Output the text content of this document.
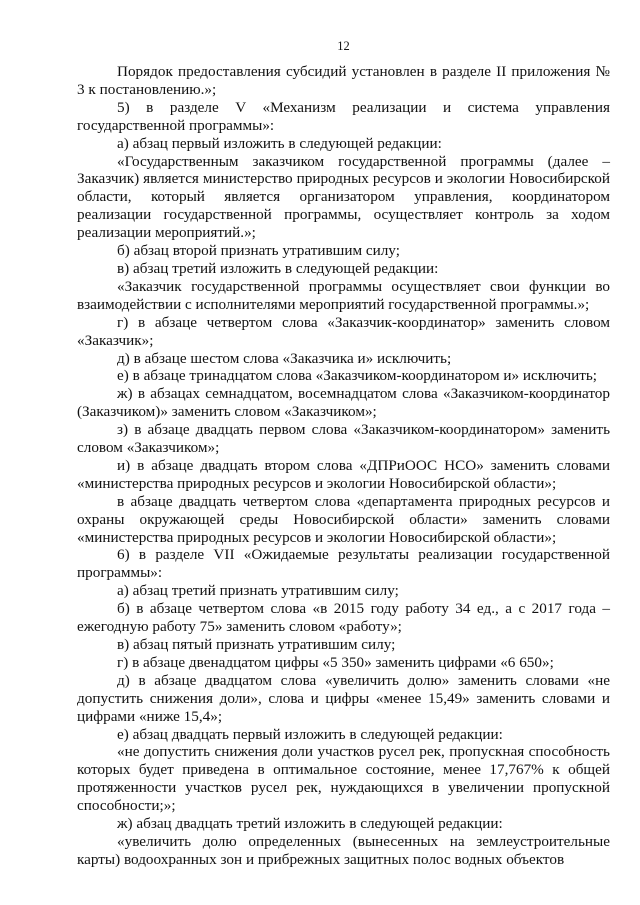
12

Порядок предоставления субсидий установлен в разделе II приложения № 3 к постановлению.»;

5) в разделе V «Механизм реализации и система управления государственной программы»:

а) абзац первый изложить в следующей редакции:

«Государственным заказчиком государственной программы (далее – Заказчик) является министерство природных ресурсов и экологии Новосибирской области, который является организатором управления, координатором реализации государственной программы, осуществляет контроль за ходом реализации мероприятий.»;

б) абзац второй признать утратившим силу;

в) абзац третий изложить в следующей редакции:

«Заказчик государственной программы осуществляет свои функции во взаимодействии с исполнителями мероприятий государственной программы.»;

г) в абзаце четвертом слова «Заказчик-координатор» заменить словом «Заказчик»;

д) в абзаце шестом слова «Заказчика и» исключить;

е) в абзаце тринадцатом слова «Заказчиком-координатором и» исключить;

ж) в абзацах семнадцатом, восемнадцатом слова «Заказчиком-координатор (Заказчиком)» заменить словом «Заказчиком»;

з) в абзаце двадцать первом слова «Заказчиком-координатором» заменить словом «Заказчиком»;

и) в абзаце двадцать втором слова «ДПРиООС НСО» заменить словами «министерства природных ресурсов и экологии Новосибирской области»;

в абзаце двадцать четвертом слова «департамента природных ресурсов и охраны окружающей среды Новосибирской области» заменить словами «министерства природных ресурсов и экологии Новосибирской области»;

6) в разделе VII «Ожидаемые результаты реализации государственной программы»:

а) абзац третий признать утратившим силу;

б) в абзаце четвертом слова «в 2015 году работу 34 ед., а с 2017 года – ежегодную работу 75» заменить словом «работу»;

в) абзац пятый признать утратившим силу;

г) в абзаце двенадцатом цифры «5 350» заменить цифрами «6 650»;

д) в абзаце двадцатом слова «увеличить долю» заменить словами «не допустить снижения доли», слова и цифры «менее 15,49» заменить словами и цифрами «ниже 15,4»;

е) абзац двадцать первый изложить в следующей редакции:

«не допустить снижения доли участков русел рек, пропускная способность которых будет приведена в оптимальное состояние, менее 17,767% к общей протяженности участков русел рек, нуждающихся в увеличении пропускной способности;»;

ж) абзац двадцать третий изложить в следующей редакции:

«увеличить долю определенных (вынесенных на землеустроительные карты) водоохранных зон и прибрежных защитных полос водных объектов
